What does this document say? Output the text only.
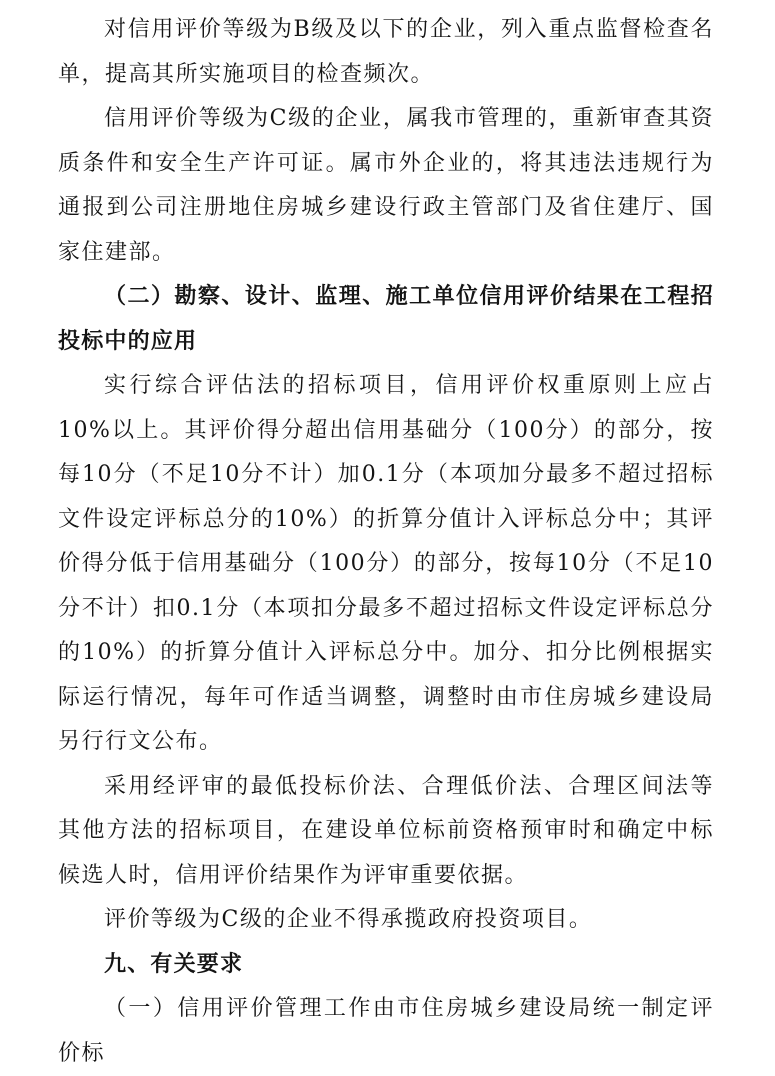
对信用评价等级为B级及以下的企业，列入重点监督检查名单，提高其所实施项目的检查频次。

信用评价等级为C级的企业，属我市管理的，重新审查其资质条件和安全生产许可证。属市外企业的，将其违法违规行为通报到公司注册地住房城乡建设行政主管部门及省住建厅、国家住建部。

（二）勘察、设计、监理、施工单位信用评价结果在工程招投标中的应用

实行综合评估法的招标项目，信用评价权重原则上应占10%以上。其评价得分超出信用基础分（100分）的部分，按每10分（不足10分不计）加0.1分（本项加分最多不超过招标文件设定评标总分的10%）的折算分值计入评标总分中；其评价得分低于信用基础分（100分）的部分，按每10分（不足10分不计）扣0.1分（本项扣分最多不超过招标文件设定评标总分的10%）的折算分值计入评标总分中。加分、扣分比例根据实际运行情况，每年可作适当调整，调整时由市住房城乡建设局另行行文公布。

采用经评审的最低投标价法、合理低价法、合理区间法等其他方法的招标项目，在建设单位标前资格预审时和确定中标候选人时，信用评价结果作为评审重要依据。

评价等级为C级的企业不得承揽政府投资项目。

九、有关要求

（一）信用评价管理工作由市住房城乡建设局统一制定评价标
